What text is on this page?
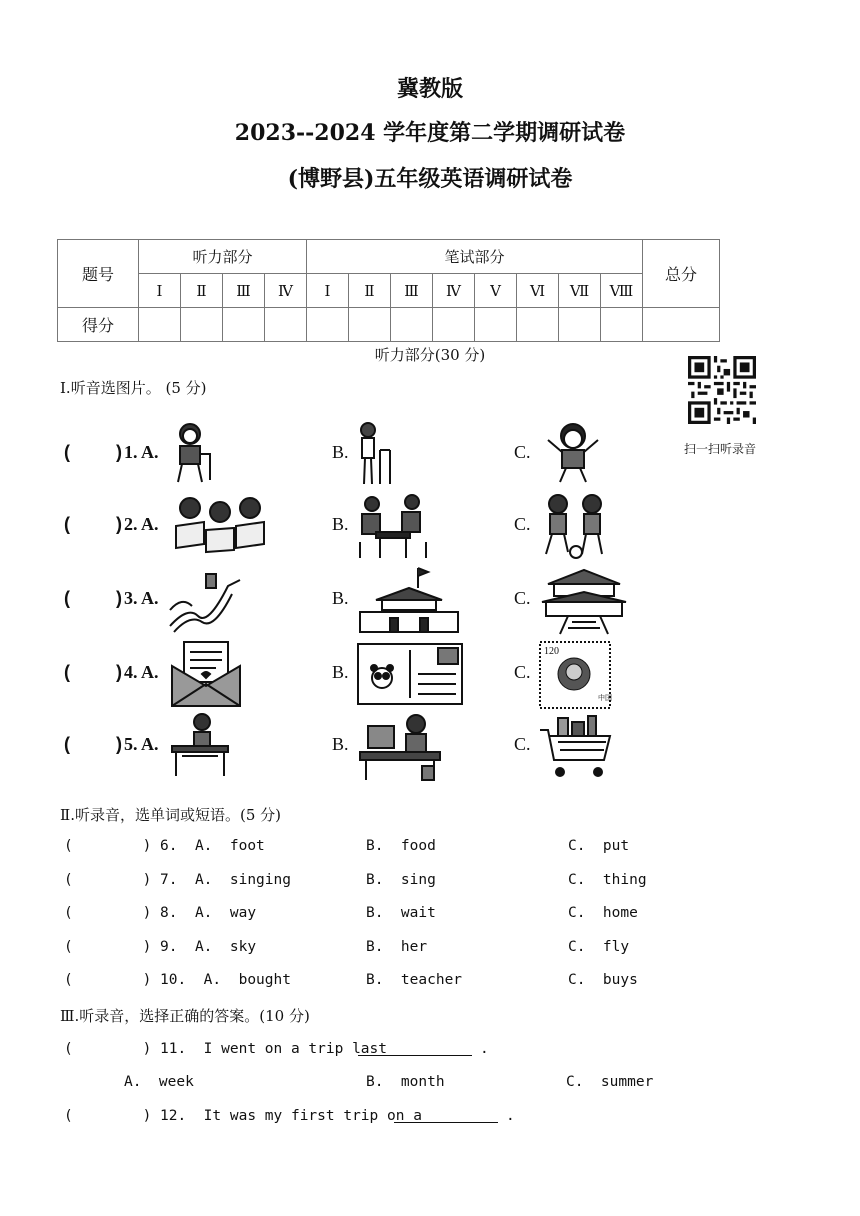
冀教版
2023--2024 学年度第二学期调研试卷
(博野县)五年级英语调研试卷
题号	听力部分				笔试部分								总分
	Ⅰ	Ⅱ	Ⅲ	Ⅳ	Ⅰ	Ⅱ	Ⅲ	Ⅳ	Ⅴ	Ⅵ	Ⅶ	Ⅷ	
得分													
听力部分(30 分)
扫一扫听录音
Ⅰ.听音选图片。 (5 分)
(	) 1. A.	B.	C.
(	) 2. A.	B.	C.
(	) 3. A.	B.	C.
(	) 4. A.	B.	C.
120
中国
(	) 5. A.	B.	C.
Ⅱ.听录音，选单词或短语。(5 分)
(        ) 6.  A.  foot	B.  food	C.  put
(        ) 7.  A.  singing	B.  sing	C.  thing
(        ) 8.  A.  way	B.  wait	C.  home
(        ) 9.  A.  sky	B.  her	C.  fly
(        ) 10.  A.  bought	B.  teacher	C.  buys
Ⅲ.听录音，选择正确的答案。(10 分)
(        ) 11.  I went on a trip last	.
A.  week	B.  month	C.  summer
(        ) 12.  It was my first trip on a	.
